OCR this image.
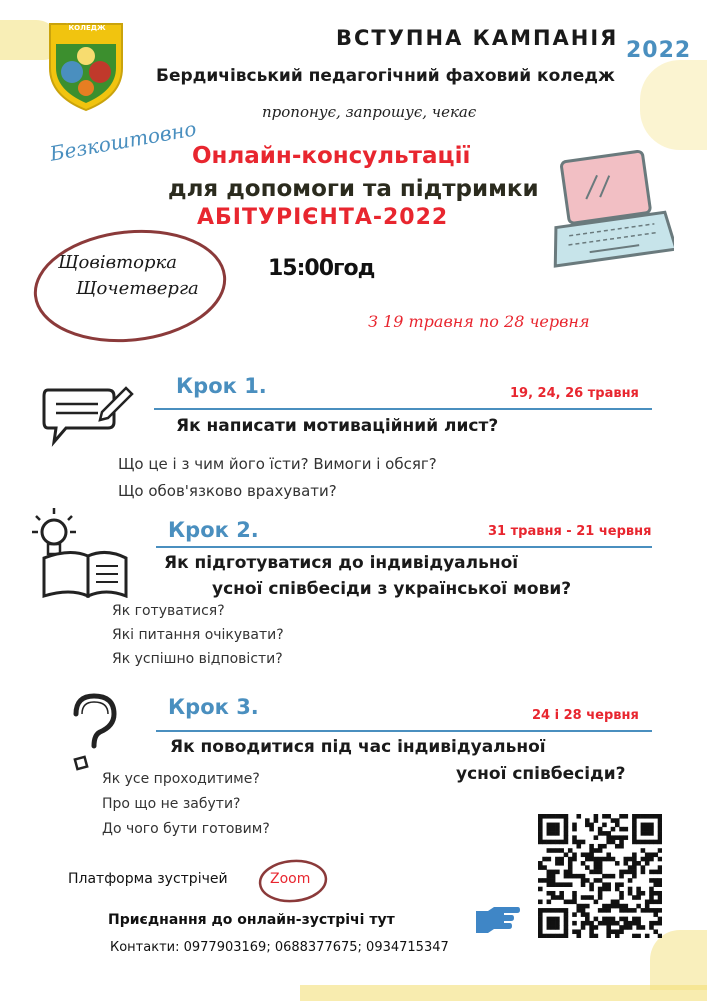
БЕРДИЧІВСЬКИЙ ПЕДАГОГІЧНИЙ КОЛЕДЖ	ВСТУПНА КАМПАНІЯ 2022
Бердичівський педагогічний фаховий коледж
пропонує, запрошує, чекає
Безкоштовно
Онлайн-консультації
для допомоги та підтримки
АБІТУРІЄНТА-2022
Щовівторка
Щочетверга
15:00год
З 19 травня по 28 червня
Крок 1.	19, 24, 26 травня
Як написати мотиваційний лист?
Що це і з чим його їсти? Вимоги і обсяг?
Що обов'язково врахувати?
Крок 2.	31 травня - 21 червня
Як підготуватися до індивідуальної
усної співбесіди з української мови?
Як готуватися?
Які питання очікувати?
Як успішно відповісти?
Крок 3.	24 і 28 червня
Як поводитися під час індивідуальної
усної співбесіди?
Як усе проходитиме?
Про що не забути?
До чого бути готовим?
Платформа зустрічей	Zoom
Приєднання до онлайн-зустрічі тут
Контакти: 0977903169; 0688377675; 0934715347
